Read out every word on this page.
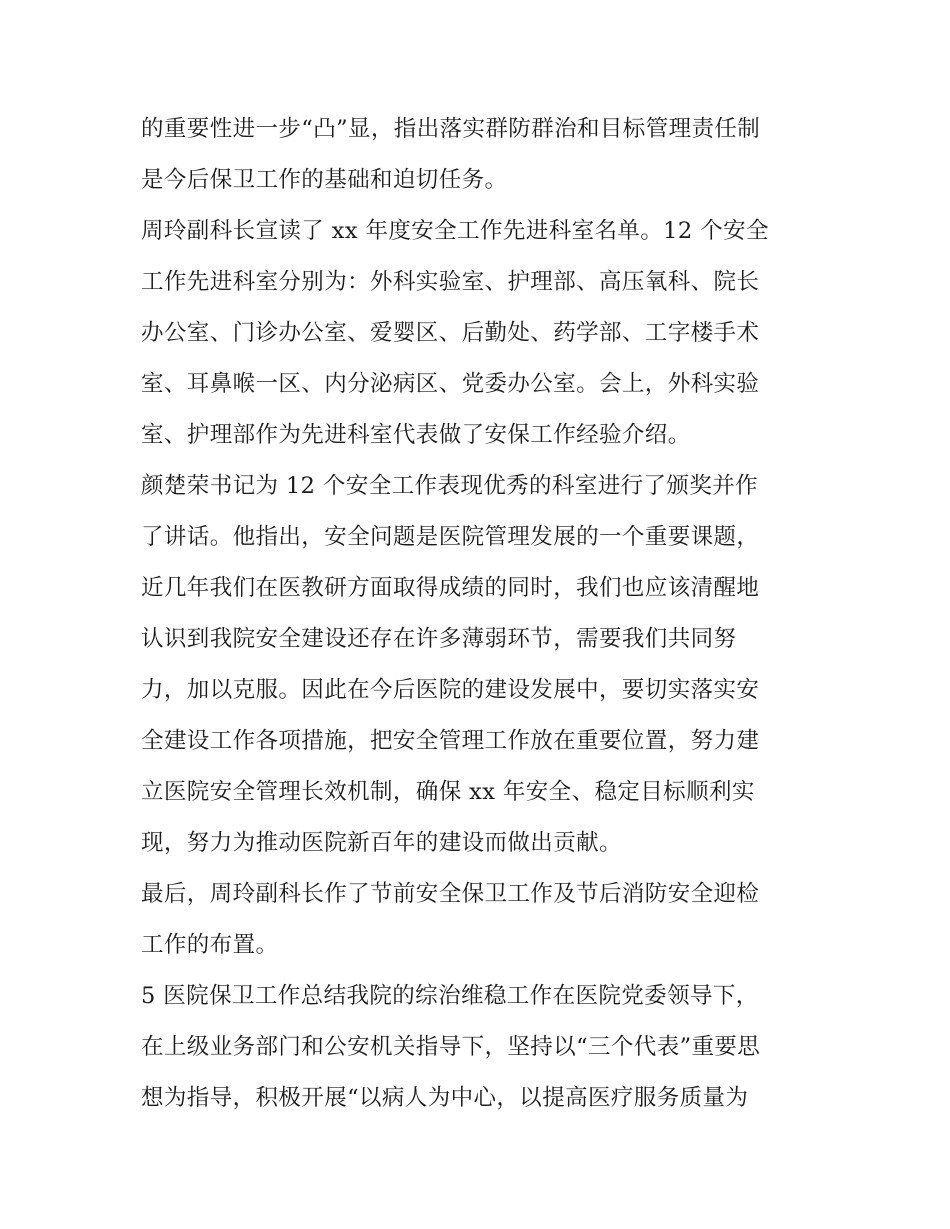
的重要性进一步“凸”显，指出落实群防群治和目标管理责任制
是今后保卫工作的基础和迫切任务。
周玲副科长宣读了 xx 年度安全工作先进科室名单。12 个安全
工作先进科室分别为：外科实验室、护理部、高压氧科、院长
办公室、门诊办公室、爱婴区、后勤处、药学部、工字楼手术
室、耳鼻喉一区、内分泌病区、党委办公室。会上，外科实验
室、护理部作为先进科室代表做了安保工作经验介绍。
颜楚荣书记为 12 个安全工作表现优秀的科室进行了颁奖并作
了讲话。他指出，安全问题是医院管理发展的一个重要课题，
近几年我们在医教研方面取得成绩的同时，我们也应该清醒地
认识到我院安全建设还存在许多薄弱环节，需要我们共同努
力，加以克服。因此在今后医院的建设发展中，要切实落实安
全建设工作各项措施，把安全管理工作放在重要位置，努力建
立医院安全管理长效机制，确保 xx 年安全、稳定目标顺利实
现，努力为推动医院新百年的建设而做出贡献。
最后，周玲副科长作了节前安全保卫工作及节后消防安全迎检
工作的布置。
5 医院保卫工作总结我院的综治维稳工作在医院党委领导下，
在上级业务部门和公安机关指导下，坚持以“三个代表”重要思
想为指导，积极开展“以病人为中心，以提高医疗服务质量为
